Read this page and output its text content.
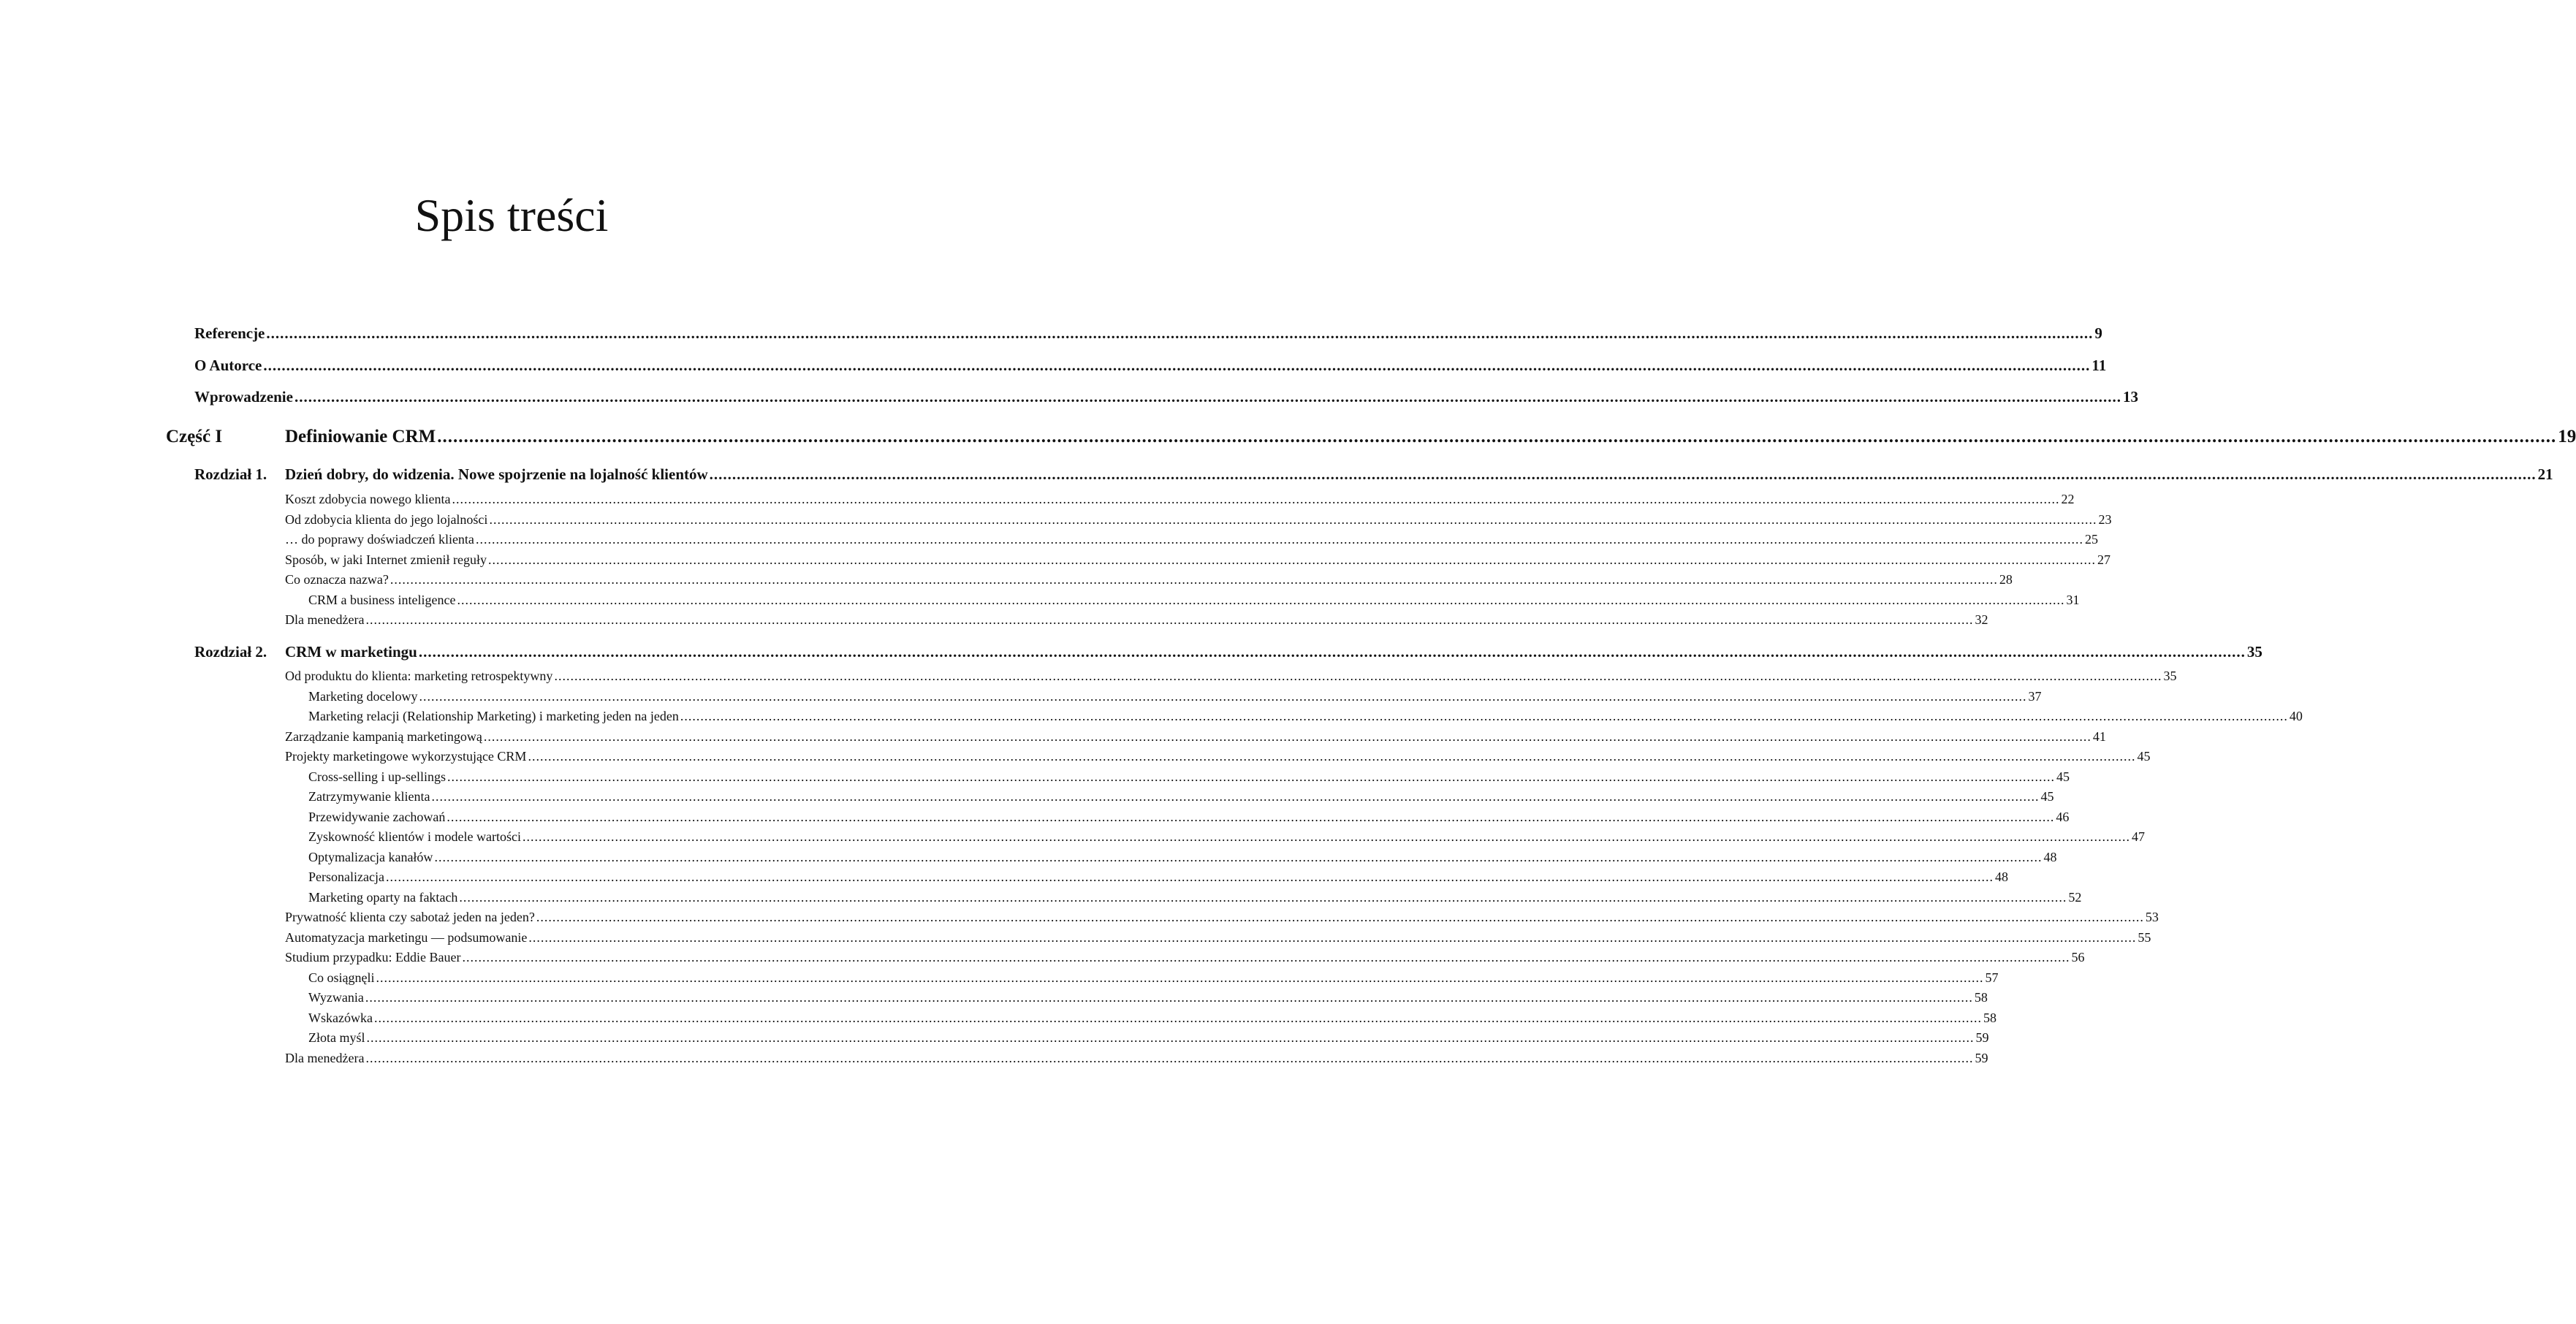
Spis treści
Referencje ................................................................................................................................................................................................................................................................................................................................................................................................................ 9
O Autorce ................................................................................................................................................................................................................................................................................................................................................................................................................ 11
Wprowadzenie ................................................................................................................................................................................................................................................................................................................................................................................................................ 13
Część I	Definiowanie CRM ................................................................................................................................................................................................................................................................................................................................................................................................................ 19
Rozdział 1. Dzień dobry, do widzenia. Nowe spojrzenie na lojalność klientów ................................................................................................................................................................................................................................................................................................................................................................................................................ 21
Koszt zdobycia nowego klienta ................................................................................................................................................................................................................................................................................................................................................................................................................ 22
Od zdobycia klienta do jego lojalności ................................................................................................................................................................................................................................................................................................................................................................................................................ 23
… do poprawy doświadczeń klienta ................................................................................................................................................................................................................................................................................................................................................................................................................ 25
Sposób, w jaki Internet zmienił reguły ................................................................................................................................................................................................................................................................................................................................................................................................................ 27
Co oznacza nazwa? ................................................................................................................................................................................................................................................................................................................................................................................................................ 28
CRM a business inteligence ................................................................................................................................................................................................................................................................................................................................................................................................................ 31
Dla menedżera ................................................................................................................................................................................................................................................................................................................................................................................................................ 32
Rozdział 2. CRM w marketingu ................................................................................................................................................................................................................................................................................................................................................................................................................ 35
Od produktu do klienta: marketing retrospektywny ................................................................................................................................................................................................................................................................................................................................................................................................................ 35
Marketing docelowy ................................................................................................................................................................................................................................................................................................................................................................................................................ 37
Marketing relacji (Relationship Marketing) i marketing jeden na jeden ................................................................................................................................................................................................................................................................................................................................................................................................................ 40
Zarządzanie kampanią marketingową ................................................................................................................................................................................................................................................................................................................................................................................................................ 41
Projekty marketingowe wykorzystujące CRM ................................................................................................................................................................................................................................................................................................................................................................................................................ 45
Cross-selling i up-sellings ................................................................................................................................................................................................................................................................................................................................................................................................................ 45
Zatrzymywanie klienta ................................................................................................................................................................................................................................................................................................................................................................................................................ 45
Przewidywanie zachowań ................................................................................................................................................................................................................................................................................................................................................................................................................ 46
Zyskowność klientów i modele wartości ................................................................................................................................................................................................................................................................................................................................................................................................................ 47
Optymalizacja kanałów ................................................................................................................................................................................................................................................................................................................................................................................................................ 48
Personalizacja ................................................................................................................................................................................................................................................................................................................................................................................................................ 48
Marketing oparty na faktach ................................................................................................................................................................................................................................................................................................................................................................................................................ 52
Prywatność klienta czy sabotaż jeden na jeden? ................................................................................................................................................................................................................................................................................................................................................................................................................ 53
Automatyzacja marketingu — podsumowanie ................................................................................................................................................................................................................................................................................................................................................................................................................ 55
Studium przypadku: Eddie Bauer ................................................................................................................................................................................................................................................................................................................................................................................................................ 56
Co osiągnęli ................................................................................................................................................................................................................................................................................................................................................................................................................ 57
Wyzwania ................................................................................................................................................................................................................................................................................................................................................................................................................ 58
Wskazówka ................................................................................................................................................................................................................................................................................................................................................................................................................ 58
Złota myśl ................................................................................................................................................................................................................................................................................................................................................................................................................ 59
Dla menedżera ................................................................................................................................................................................................................................................................................................................................................................................................................ 59
